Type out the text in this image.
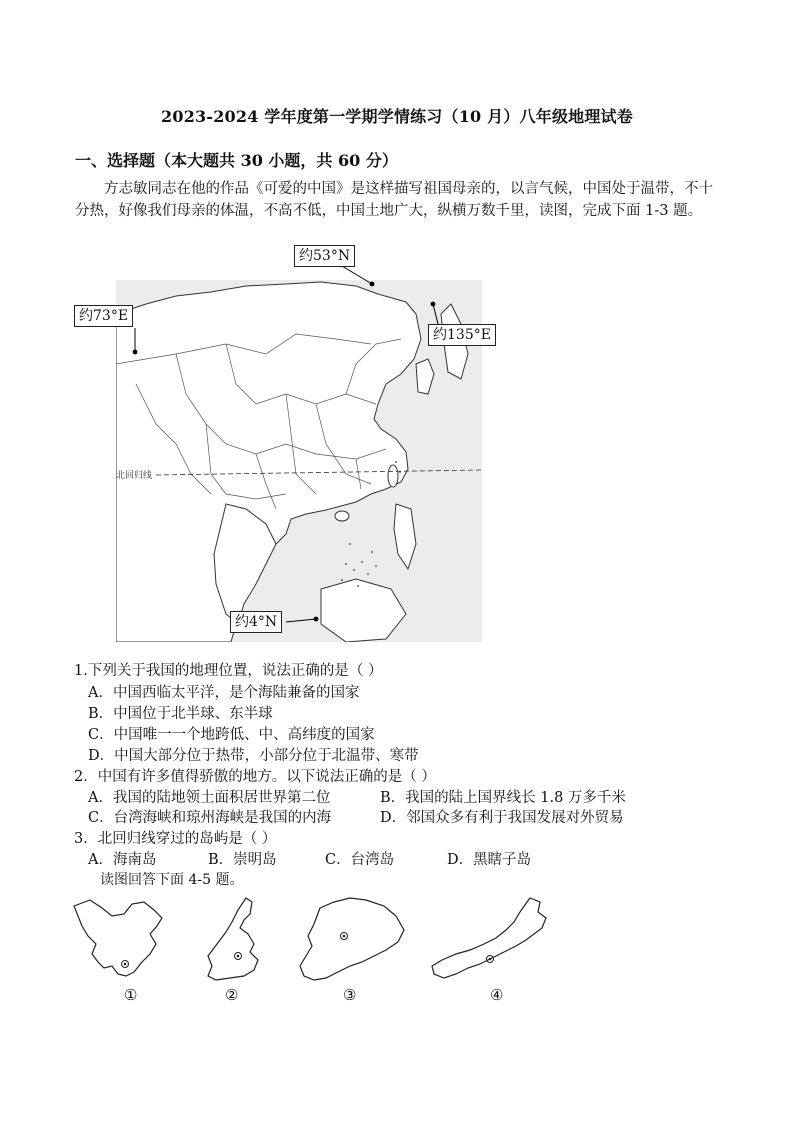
2023-2024 学年度第一学期学情练习（10 月）八年级地理试卷
一、选择题（本大题共 30 小题，共 60 分）
方志敏同志在他的作品《可爱的中国》是这样描写祖国母亲的，以言气候，中国处于温带，不十分热，好像我们母亲的体温，不高不低，中国土地广大，纵横万数千里，读图，完成下面 1-3 题。
北回归线
约53°N
约73°E
约135°E
约4°N
1.下列关于我国的地理位置，说法正确的是（ ）
A．中国西临太平洋，是个海陆兼备的国家
B．中国位于北半球、东半球
C．中国唯一一个地跨低、中、高纬度的国家
D．中国大部分位于热带，小部分位于北温带、寒带
2．中国有许多值得骄傲的地方。以下说法正确的是（ ）
A．我国的陆地领土面积居世界第二位	B．我国的陆上国界线长 1.8 万多千米
C．台湾海峡和琼州海峡是我国的内海	D．邻国众多有利于我国发展对外贸易
3．北回归线穿过的岛屿是（ ）
A．海南岛	B．崇明岛	C．台湾岛	D．黑瞎子岛
读图回答下面 4-5 题。
①	②	③	④
